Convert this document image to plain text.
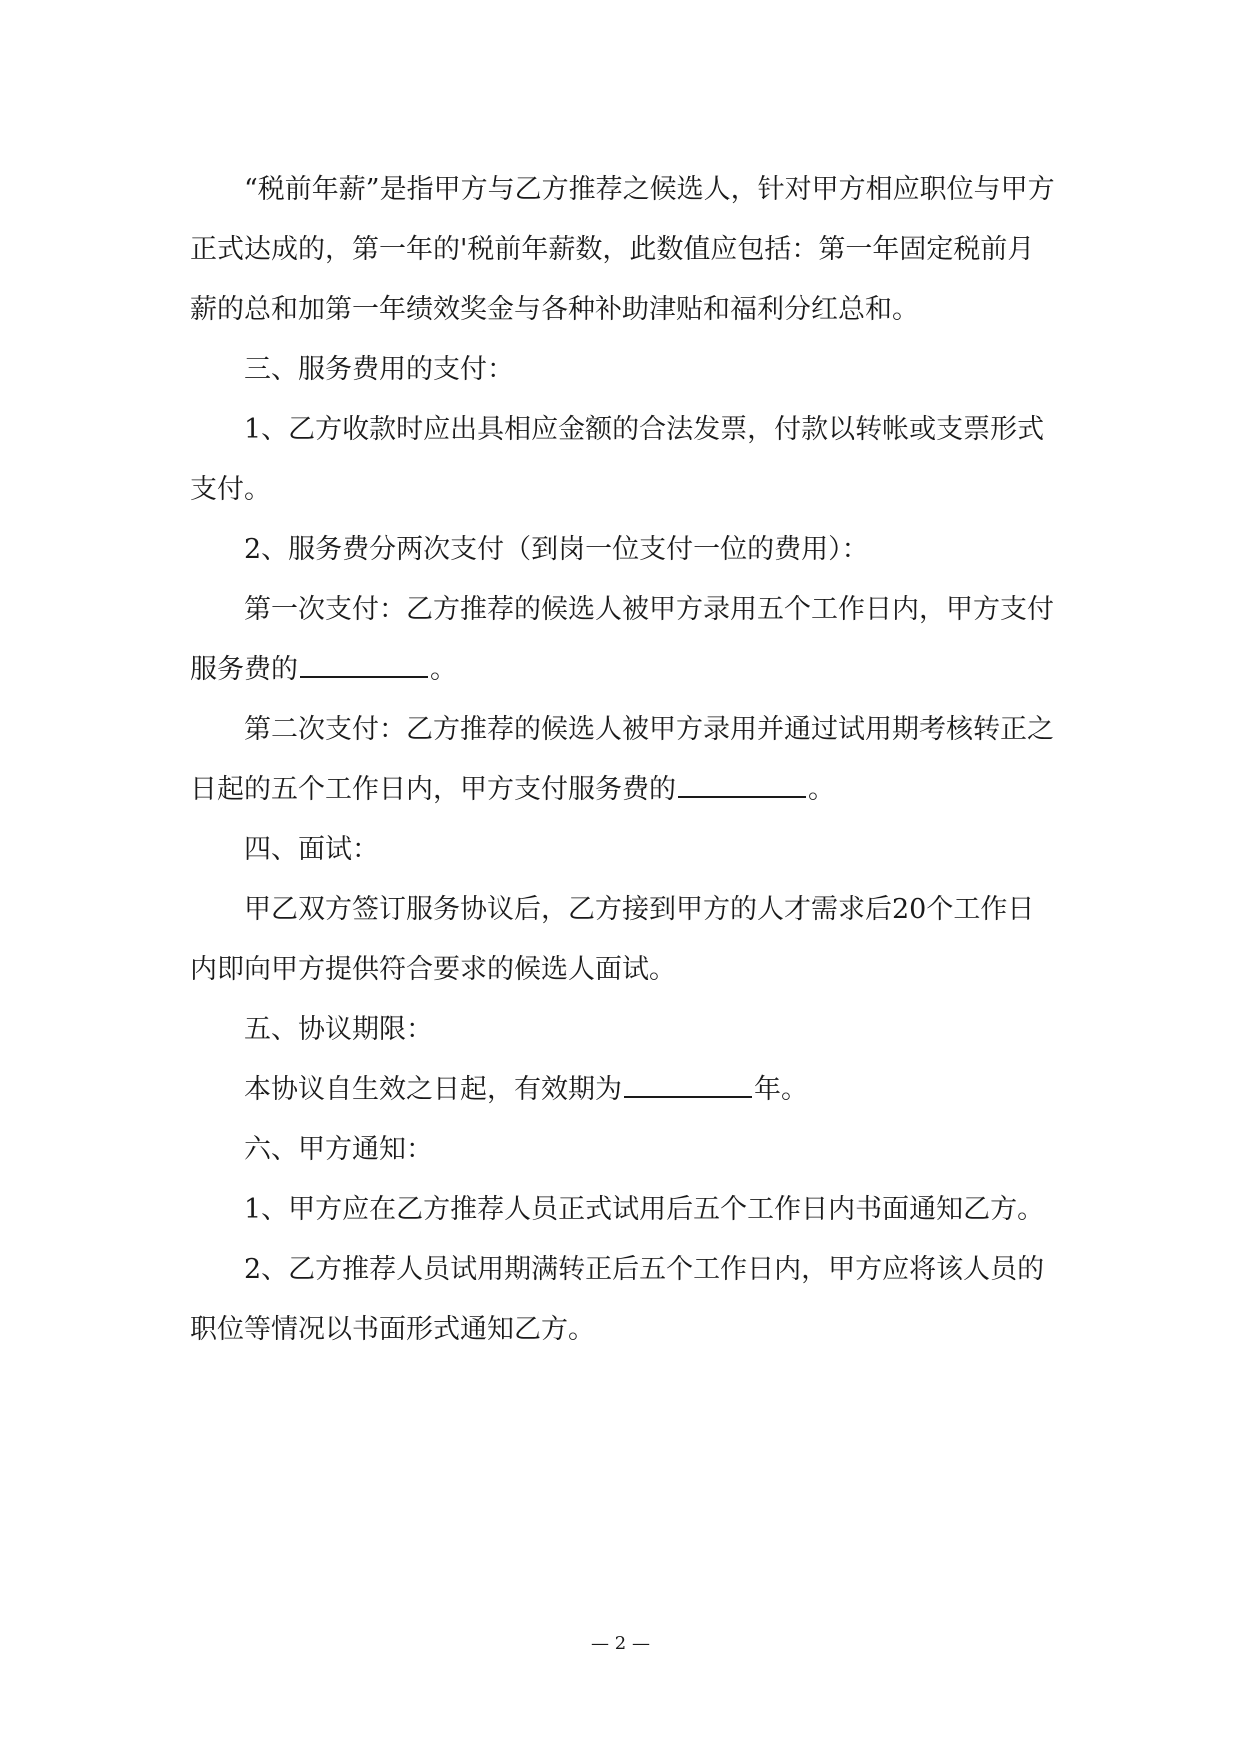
“税前年薪”是指甲方与乙方推荐之候选人，针对甲方相应职位与甲方正式达成的，第一年的'税前年薪数，此数值应包括：第一年固定税前月薪的总和加第一年绩效奖金与各种补助津贴和福利分红总和。

三、服务费用的支付：

1、乙方收款时应出具相应金额的合法发票，付款以转帐或支票形式支付。

2、服务费分两次支付（到岗一位支付一位的费用）：

第一次支付：乙方推荐的候选人被甲方录用五个工作日内，甲方支付服务费的	。

第二次支付：乙方推荐的候选人被甲方录用并通过试用期考核转正之日起的五个工作日内，甲方支付服务费的	。

四、面试：

甲乙双方签订服务协议后，乙方接到甲方的人才需求后20个工作日内即向甲方提供符合要求的候选人面试。

五、协议期限：

本协议自生效之日起，有效期为	年。

六、甲方通知：

1、甲方应在乙方推荐人员正式试用后五个工作日内书面通知乙方。

2、乙方推荐人员试用期满转正后五个工作日内，甲方应将该人员的职位等情况以书面形式通知乙方。

— 2 —
